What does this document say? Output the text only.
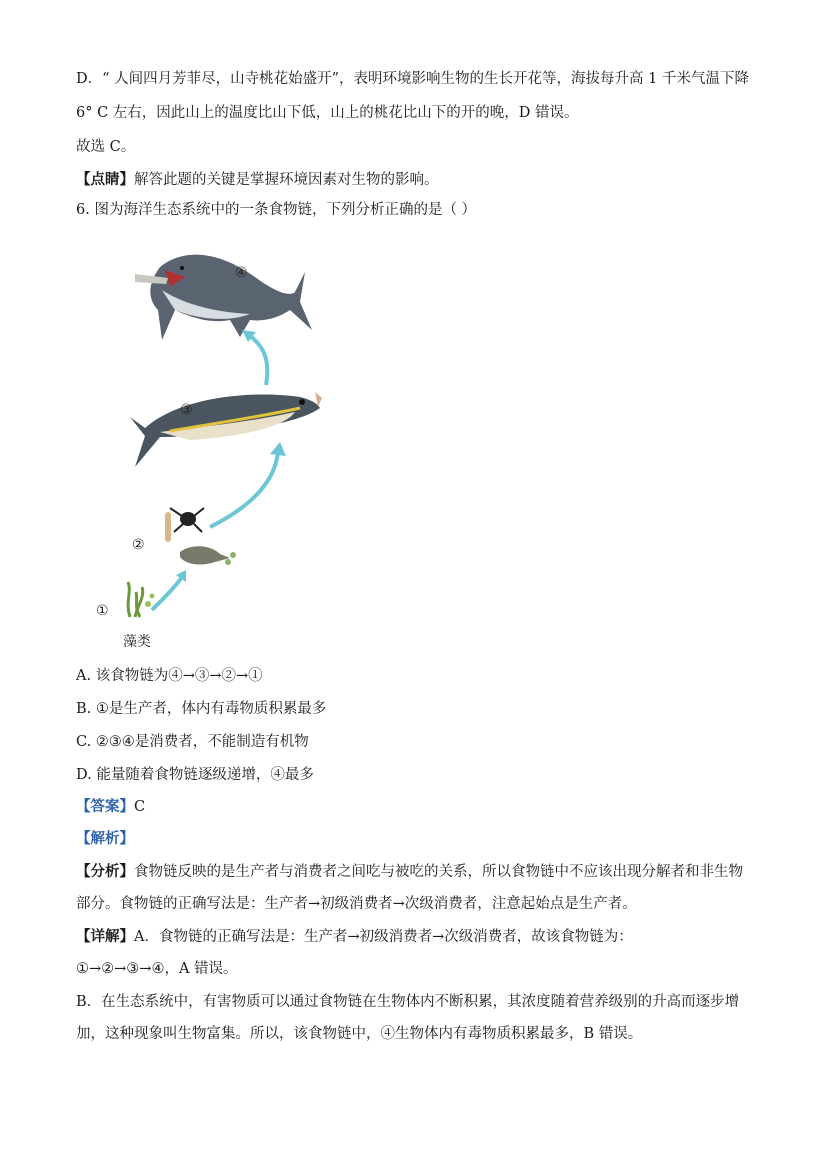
D．“ 人间四月芳菲尽，山寺桃花始盛开”，表明环境影响生物的生长开花等，海拔每升高 1 千米气温下降
6° C 左右，因此山上的温度比山下低，山上的桃花比山下的开的晚，D 错误。
故选 C。
【点睛】解答此题的关键是掌握环境因素对生物的影响。
6. 图为海洋生态系统中的一条食物链，下列分析正确的是（ ）
④
③
②
①
藻类
A. 该食物链为④→③→②→①
B. ①是生产者，体内有毒物质积累最多
C. ②③④是消费者，不能制造有机物
D. 能量随着食物链逐级递增，④最多
【答案】C
【解析】
【分析】食物链反映的是生产者与消费者之间吃与被吃的关系，所以食物链中不应该出现分解者和非生物
部分。食物链的正确写法是：生产者→初级消费者→次级消费者，注意起始点是生产者。
【详解】A．食物链的正确写法是：生产者→初级消费者→次级消费者，故该食物链为：
①→②→③→④，A 错误。
B．在生态系统中，有害物质可以通过食物链在生物体内不断积累，其浓度随着营养级别的升高而逐步增
加，这种现象叫生物富集。所以，该食物链中，④生物体内有毒物质积累最多，B 错误。
